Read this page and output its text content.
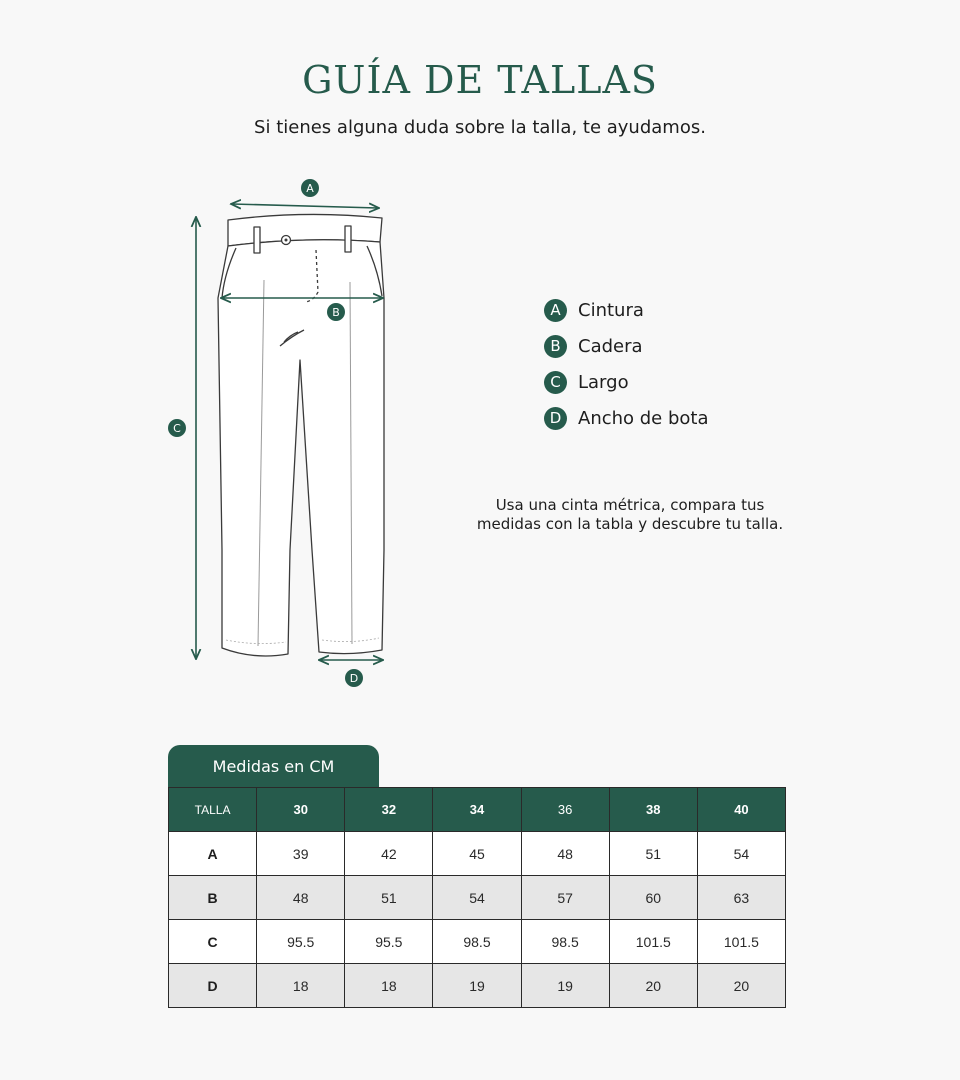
GUÍA DE TALLAS
Si tienes alguna duda sobre la talla, te ayudamos.
A
B
C
D
A Cintura
B Cadera
C Largo
D Ancho de bota
Usa una cinta métrica, compara tus medidas con la tabla y descubre tu talla.
Medidas en CM
TALLA	30	32	34	36	38	40
A	39	42	45	48	51	54
B	48	51	54	57	60	63
C	95.5	95.5	98.5	98.5	101.5	101.5
D	18	18	19	19	20	20
